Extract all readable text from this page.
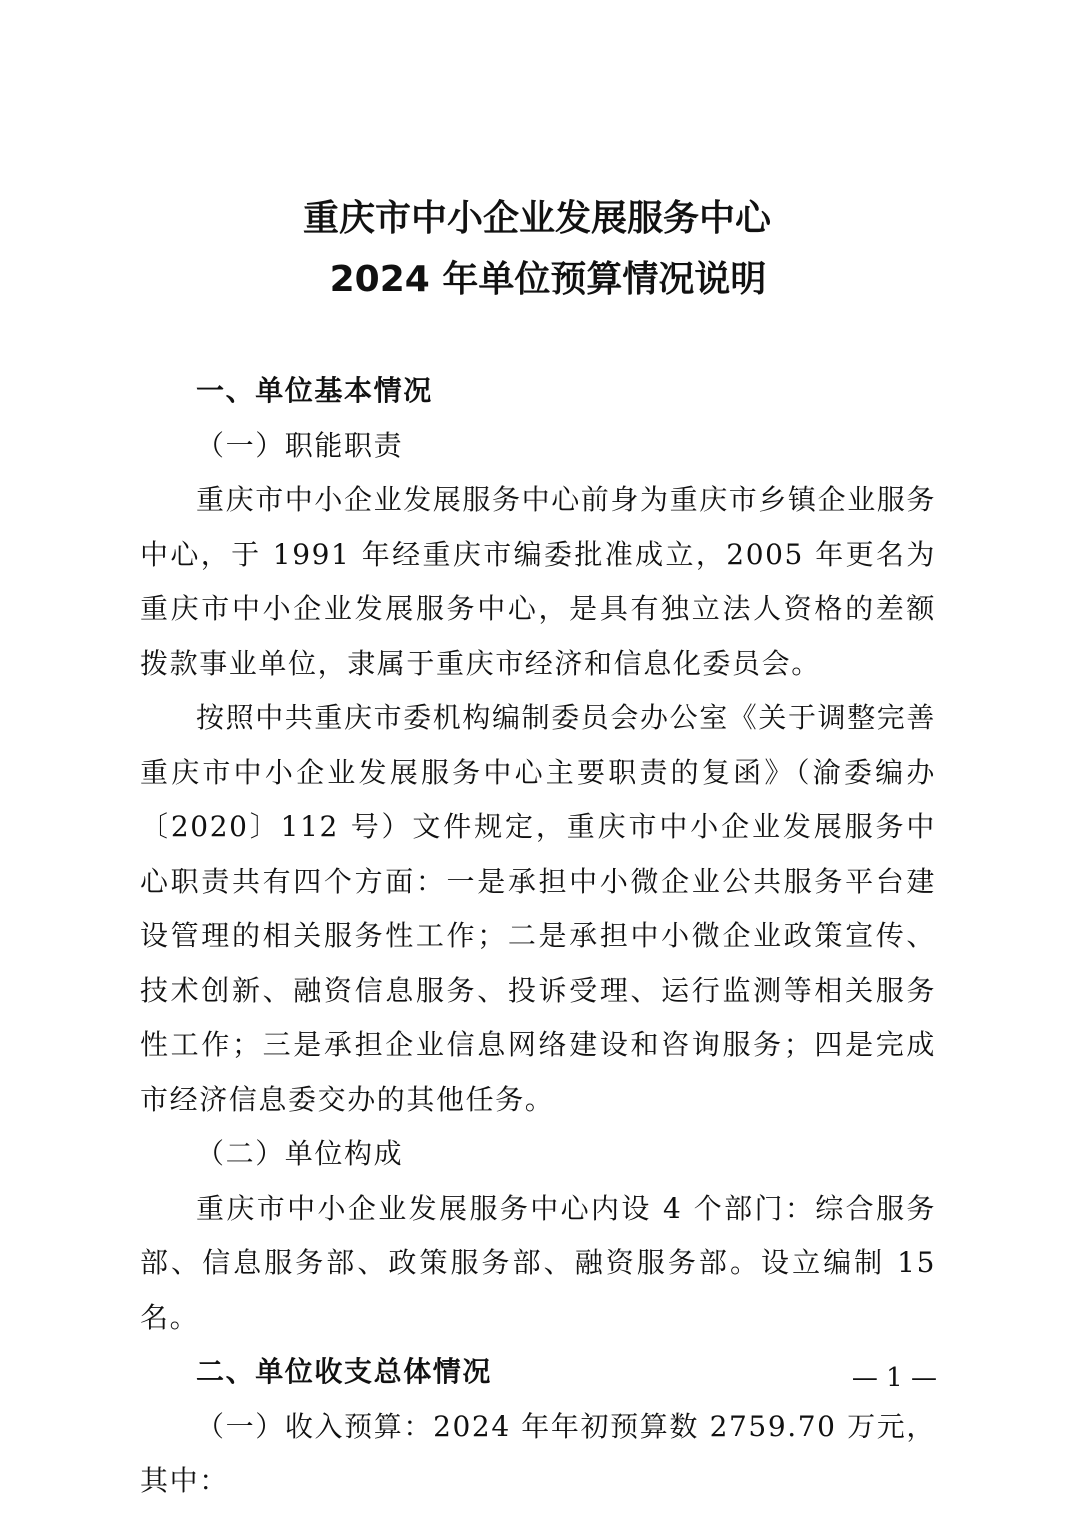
重庆市中小企业发展服务中心
2024 年单位预算情况说明

一、单位基本情况

（一）职能职责

重庆市中小企业发展服务中心前身为重庆市乡镇企业服务中心，于 1991 年经重庆市编委批准成立，2005 年更名为重庆市中小企业发展服务中心，是具有独立法人资格的差额拨款事业单位，隶属于重庆市经济和信息化委员会。

按照中共重庆市委机构编制委员会办公室《关于调整完善重庆市中小企业发展服务中心主要职责的复函》（渝委编办〔2020〕112 号）文件规定，重庆市中小企业发展服务中心职责共有四个方面：一是承担中小微企业公共服务平台建设管理的相关服务性工作；二是承担中小微企业政策宣传、技术创新、融资信息服务、投诉受理、运行监测等相关服务性工作；三是承担企业信息网络建设和咨询服务；四是完成市经济信息委交办的其他任务。

（二）单位构成

重庆市中小企业发展服务中心内设 4 个部门：综合服务部、信息服务部、政策服务部、融资服务部。设立编制 15 名。

二、单位收支总体情况

（一）收入预算：2024 年年初预算数 2759.70 万元，其中：

— 1 —
